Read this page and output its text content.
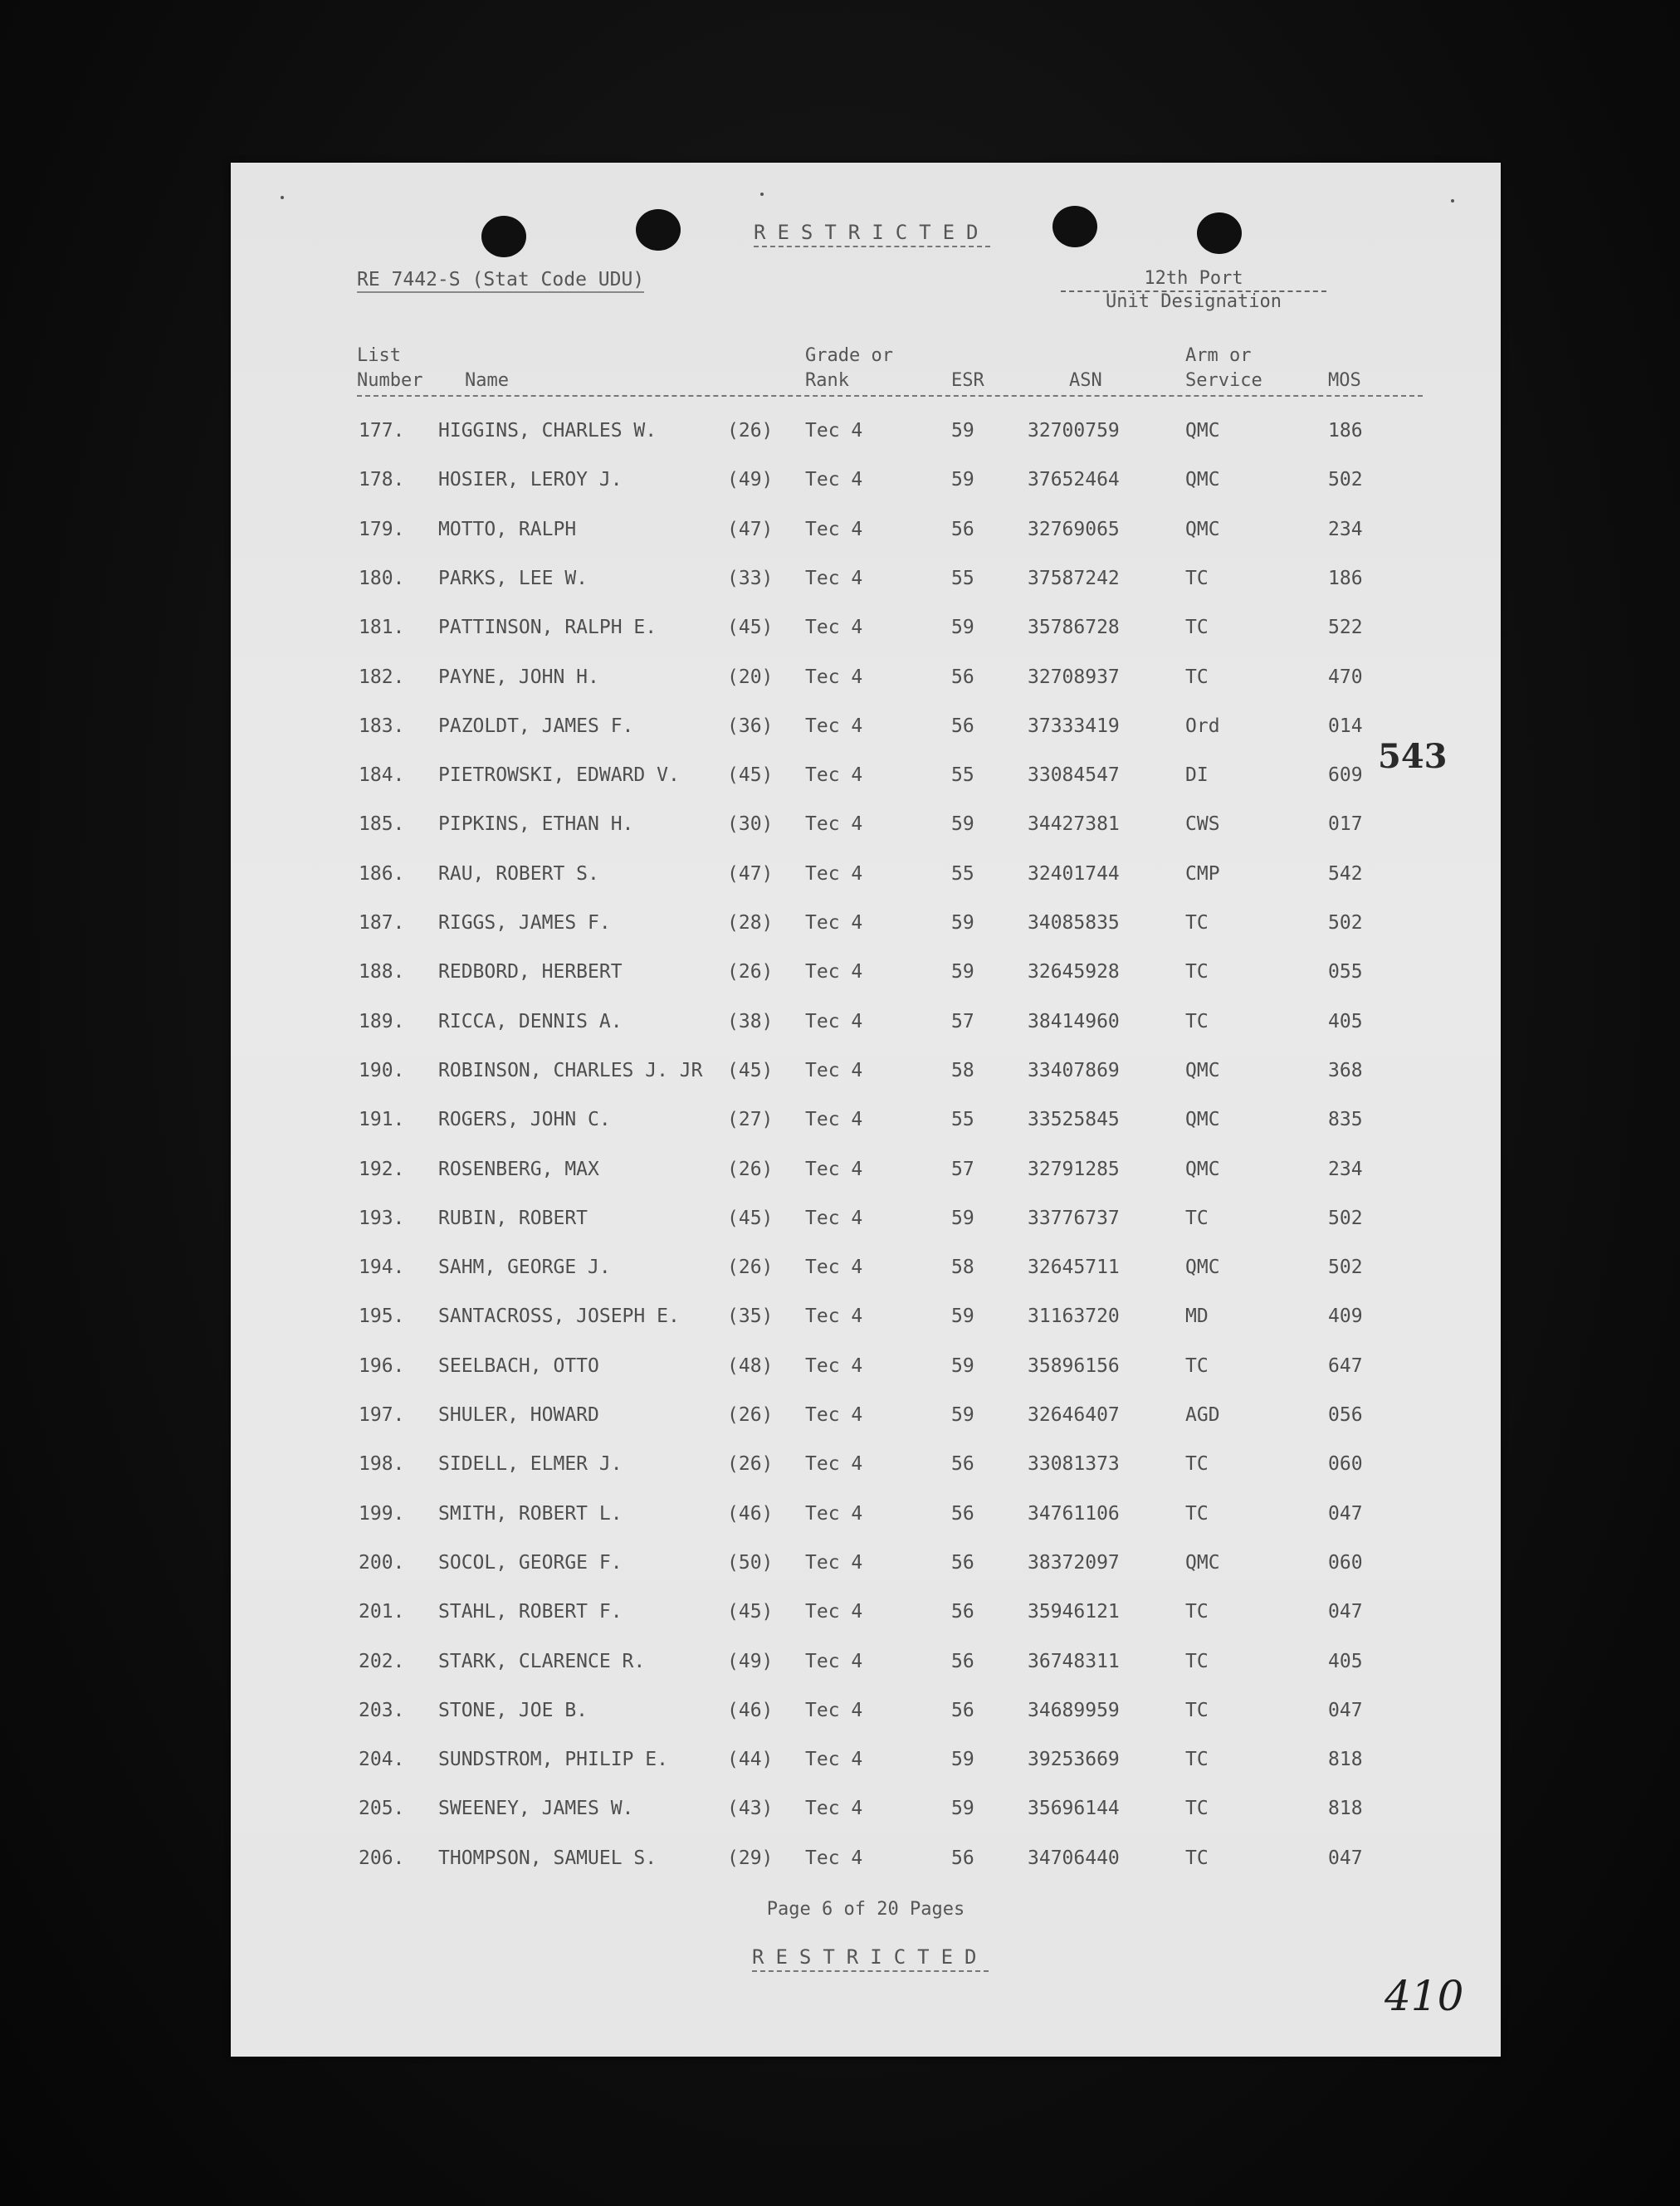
RESTRICTED
RE 7442-S (Stat Code UDU)	12th Port
Unit Designation
List
Number Name
Grade or
Rank	ESR	ASN
Arm or
Service	MOS
177. HIGGINS, CHARLES W.	(26) Tec 4	59	32700759	QMC	186
178. HOSIER, LEROY J.	(49) Tec 4	59	37652464	QMC	502
179. MOTTO, RALPH	(47) Tec 4	56	32769065	QMC	234
180. PARKS, LEE W.	(33) Tec 4	55	37587242	TC	186
181. PATTINSON, RALPH E.	(45) Tec 4	59	35786728	TC	522
182. PAYNE, JOHN H.	(20) Tec 4	56	32708937	TC	470
183. PAZOLDT, JAMES F.	(36) Tec 4	56	37333419	Ord	014
184. PIETROWSKI, EDWARD V. (45) Tec 4	55	33084547	DI	609
185. PIPKINS, ETHAN H.	(30) Tec 4	59	34427381	CWS	017
186. RAU, ROBERT S.	(47) Tec 4	55	32401744	CMP	542
187. RIGGS, JAMES F.	(28) Tec 4	59	34085835	TC	502
188. REDBORD, HERBERT	(26) Tec 4	59	32645928	TC	055
189. RICCA, DENNIS A.	(38) Tec 4	57	38414960	TC	405
190. ROBINSON, CHARLES J. JR (45) Tec 4	58	33407869	QMC	368
191. ROGERS, JOHN C.	(27) Tec 4	55	33525845	QMC	835
192. ROSENBERG, MAX	(26) Tec 4	57	32791285	QMC	234
193. RUBIN, ROBERT	(45) Tec 4	59	33776737	TC	502
194. SAHM, GEORGE J.	(26) Tec 4	58	32645711	QMC	502
195. SANTACROSS, JOSEPH E. (35) Tec 4	59	31163720	MD	409
196. SEELBACH, OTTO	(48) Tec 4	59	35896156	TC	647
197. SHULER, HOWARD	(26) Tec 4	59	32646407	AGD	056
198. SIDELL, ELMER J.	(26) Tec 4	56	33081373	TC	060
199. SMITH, ROBERT L.	(46) Tec 4	56	34761106	TC	047
200. SOCOL, GEORGE F.	(50) Tec 4	56	38372097	QMC	060
201. STAHL, ROBERT F.	(45) Tec 4	56	35946121	TC	047
202. STARK, CLARENCE R.	(49) Tec 4	56	36748311	TC	405
203. STONE, JOE B.	(46) Tec 4	56	34689959	TC	047
204. SUNDSTROM, PHILIP E.	(44) Tec 4	59	39253669	TC	818
205. SWEENEY, JAMES W.	(43) Tec 4	59	35696144	TC	818
206. THOMPSON, SAMUEL S.	(29) Tec 4	56	34706440	TC	047
Page 6 of 20 Pages
RESTRICTED
543
410
